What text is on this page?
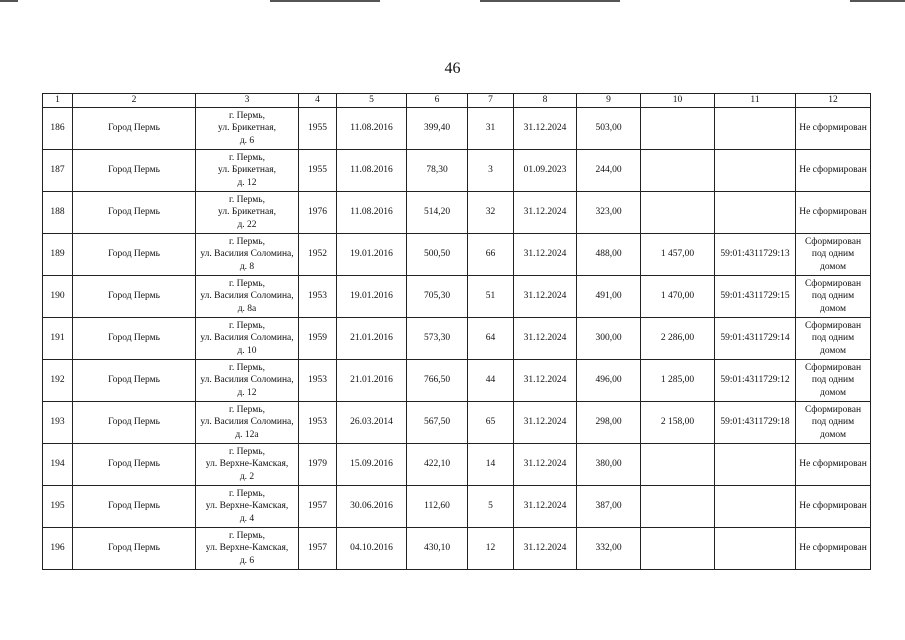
46
1	2	3	4	5	6	7	8	9	10	11	12
186	Город Пермь	г. Пермь,
ул. Брикетная,
д. 6	1955	11.08.2016	399,40	31	31.12.2024	503,00			Не сформирован

187	Город Пермь	г. Пермь,
ул. Брикетная,
д. 12	1955	11.08.2016	78,30	3	01.09.2023	244,00			Не сформирован

188	Город Пермь	г. Пермь,
ул. Брикетная,
д. 22	1976	11.08.2016	514,20	32	31.12.2024	323,00			Не сформирован

189	Город Пермь	г. Пермь,
ул. Василия Соломина,
д. 8	1952	19.01.2016	500,50	66	31.12.2024	488,00	1 457,00	59:01:4311729:13	Сформирован
под одним домом

190	Город Пермь	г. Пермь,
ул. Василия Соломина,
д. 8а	1953	19.01.2016	705,30	51	31.12.2024	491,00	1 470,00	59:01:4311729:15	Сформирован
под одним домом

191	Город Пермь	г. Пермь,
ул. Василия Соломина,
д. 10	1959	21.01.2016	573,30	64	31.12.2024	300,00	2 286,00	59:01:4311729:14	Сформирован
под одним домом

192	Город Пермь	г. Пермь,
ул. Василия Соломина,
д. 12	1953	21.01.2016	766,50	44	31.12.2024	496,00	1 285,00	59:01:4311729:12	Сформирован
под одним домом

193	Город Пермь	г. Пермь,
ул. Василия Соломина,
д. 12а	1953	26.03.2014	567,50	65	31.12.2024	298,00	2 158,00	59:01:4311729:18	Сформирован
под одним домом

194	Город Пермь	г. Пермь,
ул. Верхне-Камская,
д. 2	1979	15.09.2016	422,10	14	31.12.2024	380,00			Не сформирован

195	Город Пермь	г. Пермь,
ул. Верхне-Камская,
д. 4	1957	30.06.2016	112,60	5	31.12.2024	387,00			Не сформирован

196	Город Пермь	г. Пермь,
ул. Верхне-Камская,
д. 6	1957	04.10.2016	430,10	12	31.12.2024	332,00			Не сформирован
